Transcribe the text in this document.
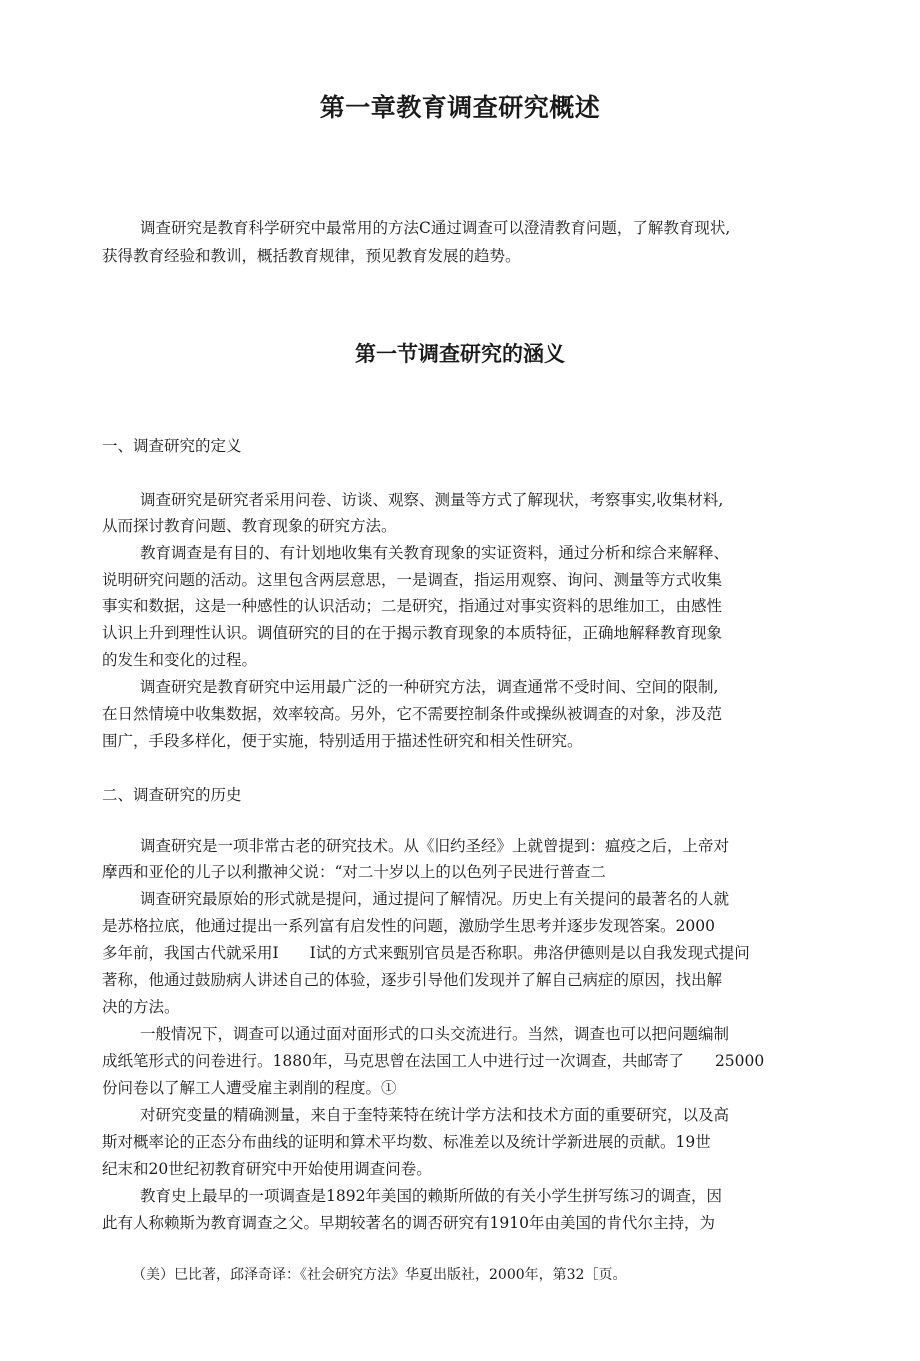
第一章教育调查研究概述

调查研究是教育科学研究中最常用的方法C通过调查可以澄清教育问题，了解教育现状,

获得教育经验和教训，概括教育规律，预见教育发展的趋势。

第一节调查研究的涵义

一、调查研究的定义

调查研究是研究者采用问卷、访谈、观察、测量等方式了解现状，考察事实,收集材料,

从而探讨教育问题、教育现象的研究方法。

教育调查是有目的、有计划地收集有关教育现象的实证资料，通过分析和综合来解释、

说明研究问题的活动。这里包含两层意思，一是调查，指运用观察、询问、测量等方式收集

事实和数据，这是一种感性的认识活动；二是研究，指通过对事实资料的思维加工，由感性

认识上升到理性认识。调值研究的目的在于揭示教育现象的本质特征，正确地解释教育现象

的发生和变化的过程。

调查研究是教育研究中运用最广泛的一种研究方法，调查通常不受时间、空间的限制,

在日然情境中收集数据，效率较高。另外，它不需要控制条件或操纵被调查的对象，涉及范

围广，手段多样化，便于实施，特别适用于描述性研究和相关性研究。

二、调查研究的历史

调查研究是一项非常古老的研究技术。从《旧约圣经》上就曾提到：瘟疫之后，上帝对

摩西和亚伦的儿子以利撒神父说：“对二十岁以上的以色列子民进行普查二

调查研究最原始的形式就是提问，通过提问了解情况。历史上有关提问的最著名的人就

是苏格拉底，他通过提出一系列富有启发性的问题，激励学生思考并逐步发现答案。2000

多年前，我国古代就采用I　　I试的方式来甄别官员是否称职。弗洛伊德则是以自我发现式提问

著称，他通过鼓励病人讲述自己的体验，逐步引导他们发现并了解自己病症的原因，找出解

决的方法。

一般情况下，调查可以通过面对面形式的口头交流进行。当然，调查也可以把问题编制

成纸笔形式的问卷进行。1880年，马克思曾在法国工人中进行过一次调查，共邮寄了　　25000

份问卷以了解工人遭受雇主剥削的程度。①

对研究变量的精确测量，来自于奎特莱特在统计学方法和技术方面的重要研究，以及高

斯对概率论的正态分布曲线的证明和算术平均数、标准差以及统计学新进展的贡献。19世

纪末和20世纪初教育研究中开始使用调查问卷。

教育史上最早的一项调查是1892年美国的赖斯所做的有关小学生拼写练习的调查，因

此有人称赖斯为教育调查之父。早期较著名的调否研究有1910年由美国的肯代尔主持，为

（美）巳比著，邱泽奇译：《社会研究方法》华夏出版社，2000年，第32［页。
